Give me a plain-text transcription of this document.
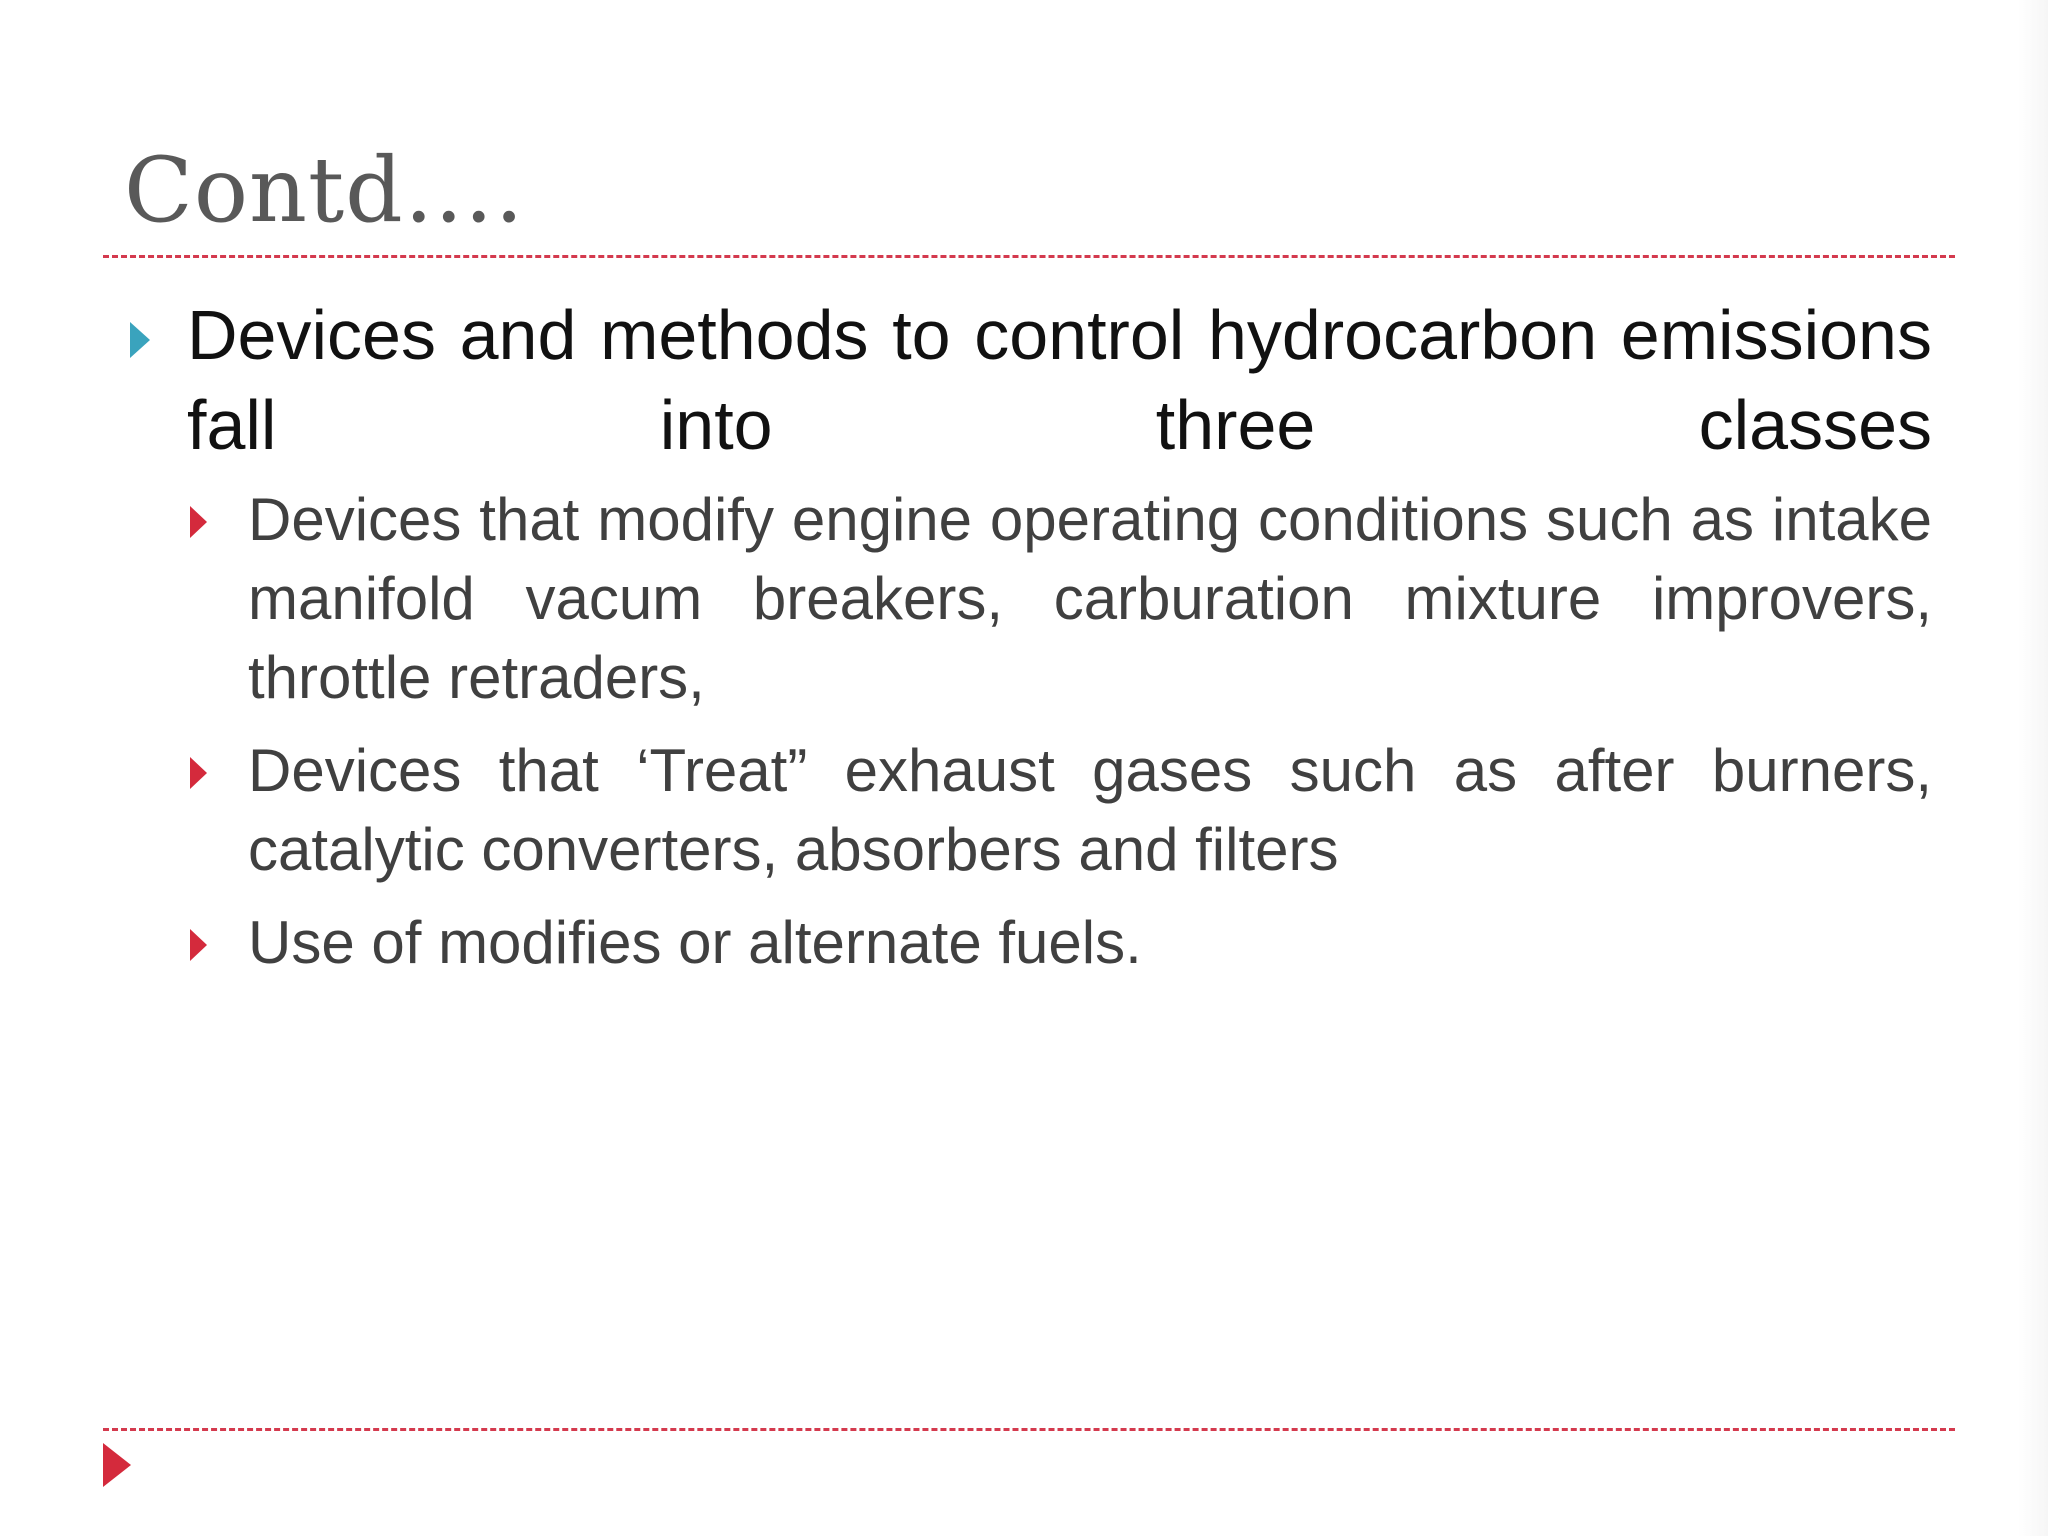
Contd….
Devices and methods to control hydrocarbon emissions fall into three classes
Devices that modify engine operating conditions such as intake manifold vacum breakers, carburation mixture improvers, throttle retraders,
Devices that ‘Treat” exhaust gases such as after burners, catalytic converters, absorbers and filters
Use of modifies or alternate fuels.
